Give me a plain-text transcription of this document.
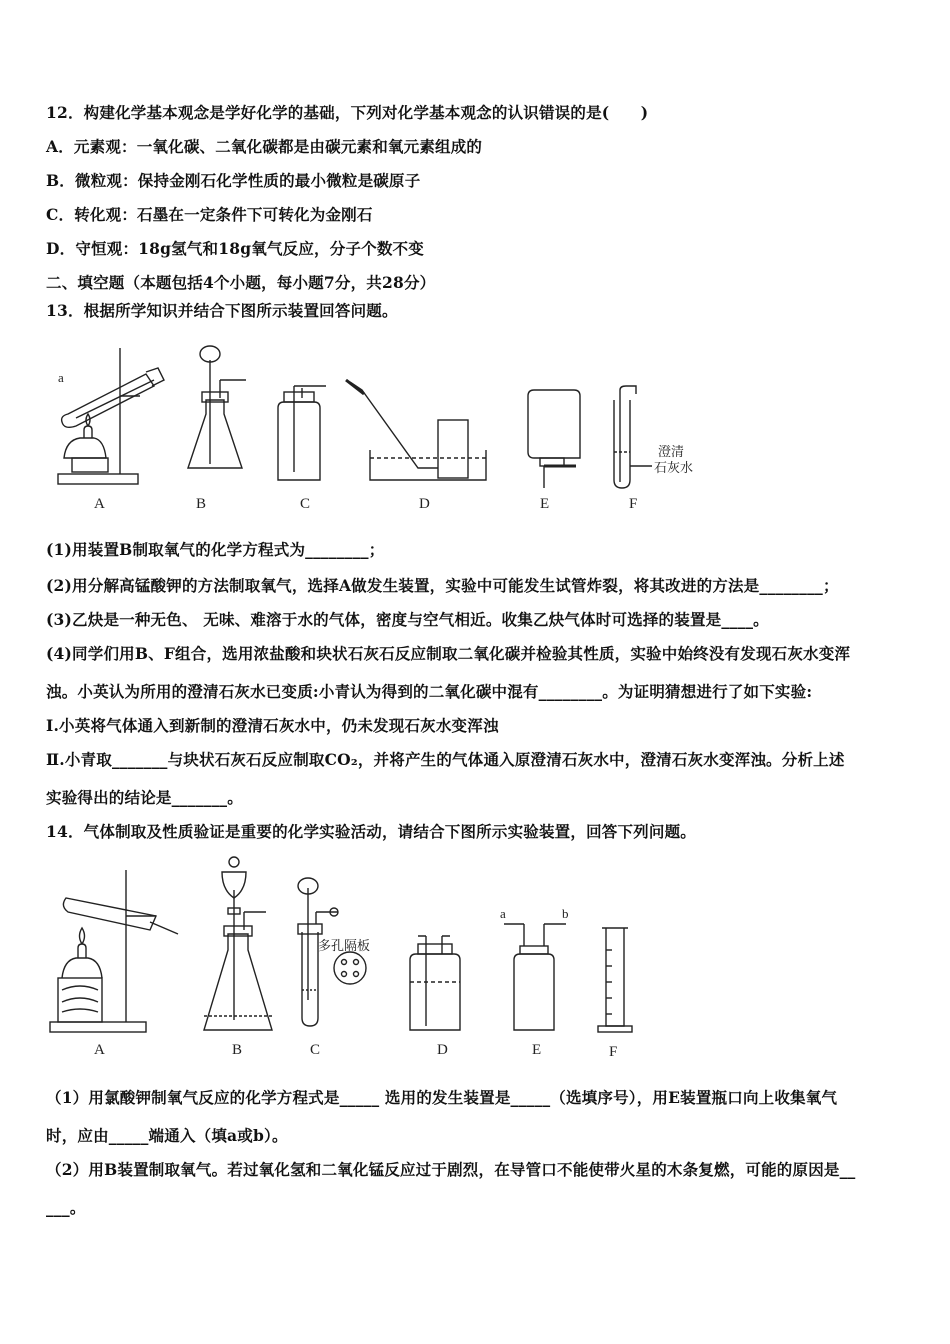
12．构建化学基本观念是学好化学的基础，下列对化学基本观念的认识错误的是(　　)
A．元素观：一氧化碳、二氧化碳都是由碳元素和氧元素组成的
B．微粒观：保持金刚石化学性质的最小微粒是碳原子
C．转化观：石墨在一定条件下可转化为金刚石
D．守恒观：18g氢气和18g氧气反应，分子个数不变
二、填空题（本题包括4个小题，每小题7分，共28分）
13．根据所学知识并结合下图所示装置回答问题。
a
澄清
石灰水
A	B	C	D	E	F
(1)用装置B制取氧气的化学方程式为________；
(2)用分解高锰酸钾的方法制取氧气，选择A做发生装置，实验中可能发生试管炸裂，将其改进的方法是________；
(3)乙炔是一种无色、 无味、难溶于水的气体，密度与空气相近。收集乙炔气体时可选择的装置是____。
(4)同学们用B、F组合，选用浓盐酸和块状石灰石反应制取二氧化碳并检验其性质，实验中始终没有发现石灰水变浑
浊。小英认为所用的澄清石灰水已变质:小青认为得到的二氧化碳中混有________。为证明猜想进行了如下实验:
Ⅰ.小英将气体通入到新制的澄清石灰水中，仍未发现石灰水变浑浊
Ⅱ.小青取_______与块状石灰石反应制取CO₂，并将产生的气体通入原澄清石灰水中，澄清石灰水变浑浊。分析上述
实验得出的结论是_______。
14．气体制取及性质验证是重要的化学实验活动，请结合下图所示实验装置，回答下列问题。
多孔隔板
a	b
A	B	C	D	E	F
（1）用氯酸钾制氧气反应的化学方程式是_____ 选用的发生装置是_____（选填序号），用E装置瓶口向上收集氧气
时，应由_____端通入（填a或b）。
（2）用B装置制取氧气。若过氧化氢和二氧化锰反应过于剧烈，在导管口不能使带火星的木条复燃，可能的原因是__
___。
